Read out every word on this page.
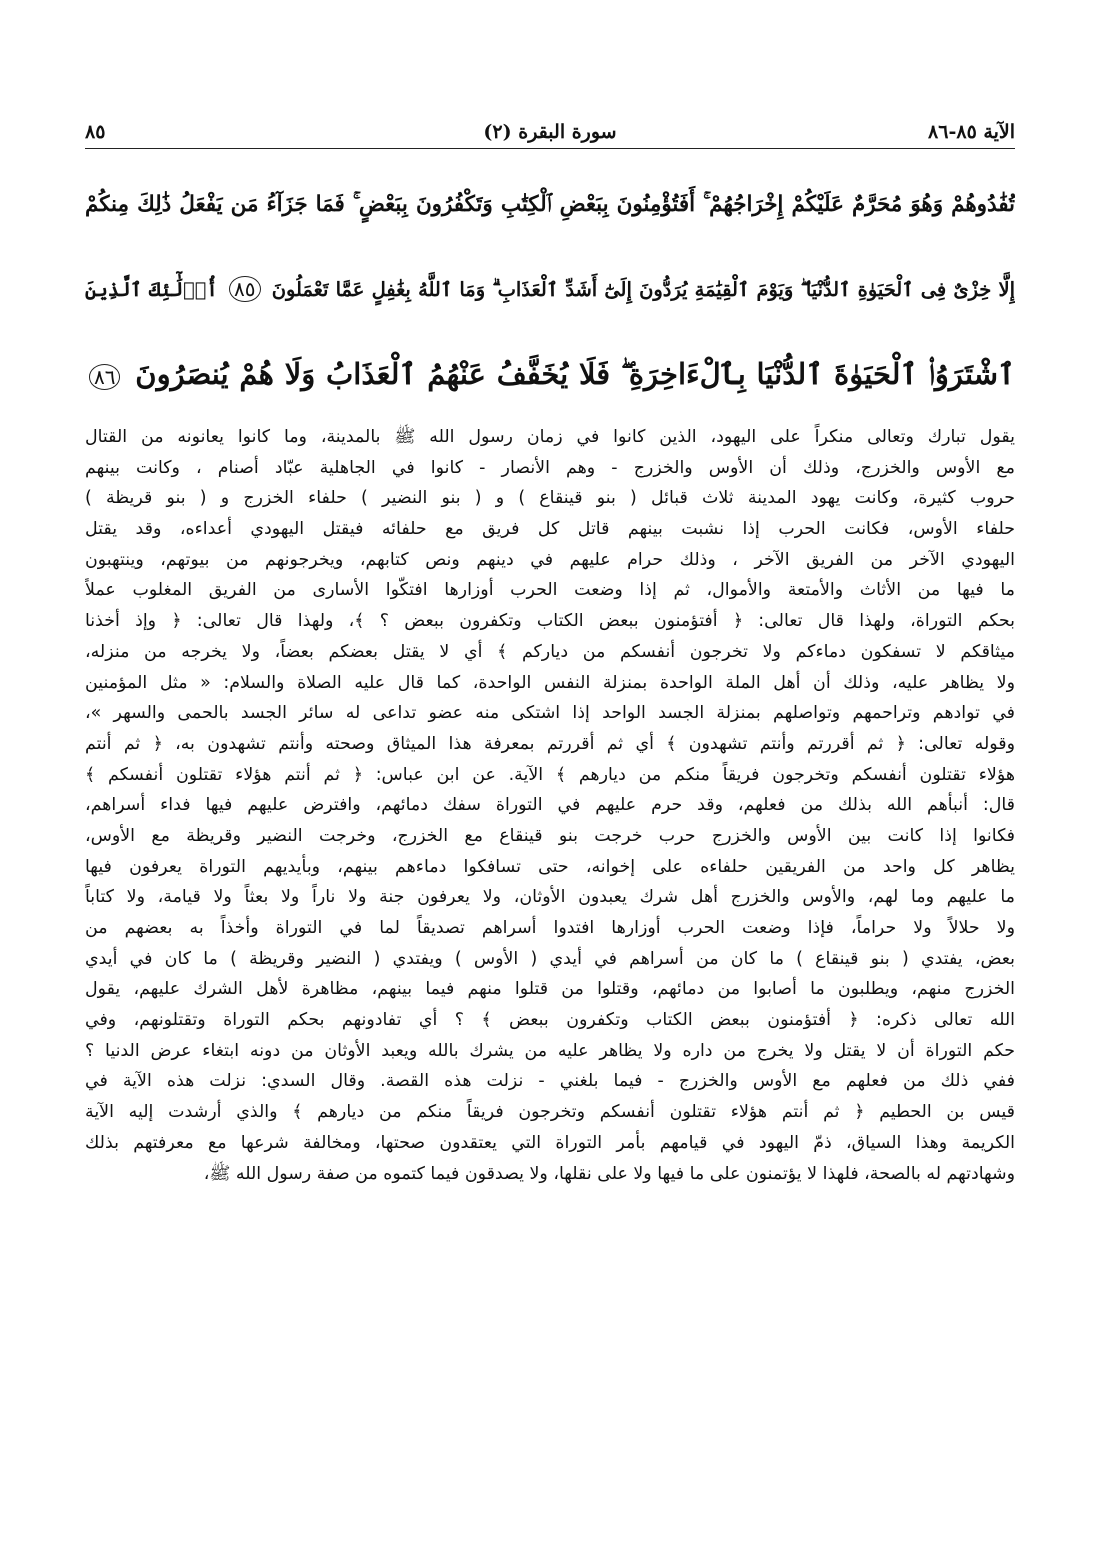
الآية ٨٥-٨٦
(٢) سورة البقرة
٨٥
تُفَٰدُوهُمْ وَهُوَ مُحَرَّمٌ عَلَيْكُمْ إِخْرَاجُهُمْ ۚ أَفَتُؤْمِنُونَ بِبَعْضِ ٱلْكِتَٰبِ وَتَكْفُرُونَ بِبَعْضٍ ۚ فَمَا جَزَآءُ مَن يَفْعَلُ ذَٰلِكَ مِنكُمْ
إِلَّا خِزْىٌ فِى ٱلْحَيَوٰةِ ٱلدُّنْيَا ۖ وَيَوْمَ ٱلْقِيَٰمَةِ يُرَدُّونَ إِلَىٰٓ أَشَدِّ ٱلْعَذَابِ ۗ وَمَا ٱللَّهُ بِغَٰفِلٍ عَمَّا تَعْمَلُونَ ٨٥ أُو۟لَٰٓئِكَ ٱلَّذِينَ
ٱشْتَرَوُا۟ ٱلْحَيَوٰةَ ٱلدُّنْيَا بِٱلْءَاخِرَةِ ۖ فَلَا يُخَفَّفُ عَنْهُمُ ٱلْعَذَابُ وَلَا هُمْ يُنصَرُونَ ٨٦
يقول تبارك وتعالى منكراً على اليهود، الذين كانوا في زمان رسول الله ﷺ بالمدينة، وما كانوا يعانونه من القتال
مع الأوس والخزرج، وذلك أن الأوس والخزرج - وهم الأنصار - كانوا في الجاهلية عبّاد أصنام ، وكانت بينهم
حروب كثيرة، وكانت يهود المدينة ثلاث قبائل ( بنو قينقاع ) و ( بنو النضير ) حلفاء الخزرج و ( بنو قريظة )
حلفاء الأوس، فكانت الحرب إذا نشبت بينهم قاتل كل فريق مع حلفائه فيقتل اليهودي أعداءه، وقد يقتل
اليهودي الآخر من الفريق الآخر ، وذلك حرام عليهم في دينهم ونص كتابهم، ويخرجونهم من بيوتهم، وينتهبون
ما فيها من الأثاث والأمتعة والأموال، ثم إذا وضعت الحرب أوزارها افتكّوا الأسارى من الفريق المغلوب عملاً
بحكم التوراة، ولهذا قال تعالى: ﴿ أفتؤمنون ببعض الكتاب وتكفرون ببعض ؟ ﴾، ولهذا قال تعالى: ﴿ وإذ أخذنا
ميثاقكم لا تسفكون دماءكم ولا تخرجون أنفسكم من دياركم ﴾ أي لا يقتل بعضكم بعضاً، ولا يخرجه من منزله،
ولا يظاهر عليه، وذلك أن أهل الملة الواحدة بمنزلة النفس الواحدة، كما قال عليه الصلاة والسلام: « مثل المؤمنين
في توادهم وتراحمهم وتواصلهم بمنزلة الجسد الواحد إذا اشتكى منه عضو تداعى له سائر الجسد بالحمى والسهر »،
وقوله تعالى: ﴿ ثم أقررتم وأنتم تشهدون ﴾ أي ثم أقررتم بمعرفة هذا الميثاق وصحته وأنتم تشهدون به، ﴿ ثم أنتم
هؤلاء تقتلون أنفسكم وتخرجون فريقاً منكم من ديارهم ﴾ الآية. عن ابن عباس: ﴿ ثم أنتم هؤلاء تقتلون أنفسكم ﴾
قال: أنبأهم الله بذلك من فعلهم، وقد حرم عليهم في التوراة سفك دمائهم، وافترض عليهم فيها فداء أسراهم،
فكانوا إذا كانت بين الأوس والخزرج حرب خرجت بنو قينقاع مع الخزرج، وخرجت النضير وقريظة مع الأوس،
يظاهر كل واحد من الفريقين حلفاءه على إخوانه، حتى تسافكوا دماءهم بينهم، وبأيديهم التوراة يعرفون فيها
ما عليهم وما لهم، والأوس والخزرج أهل شرك يعبدون الأوثان، ولا يعرفون جنة ولا ناراً ولا بعثاً ولا قيامة، ولا كتاباً
ولا حلالاً ولا حراماً، فإذا وضعت الحرب أوزارها افتدوا أسراهم تصديقاً لما في التوراة وأخذاً به بعضهم من
بعض، يفتدي ( بنو قينقاع ) ما كان من أسراهم في أيدي ( الأوس ) ويفتدي ( النضير وقريظة ) ما كان في أيدي
الخزرج منهم، ويطلبون ما أصابوا من دمائهم، وقتلوا من قتلوا منهم فيما بينهم، مظاهرة لأهل الشرك عليهم، يقول
الله تعالى ذكره: ﴿ أفتؤمنون ببعض الكتاب وتكفرون ببعض ﴾ ؟ أي تفادونهم بحكم التوراة وتقتلونهم، وفي
حكم التوراة أن لا يقتل ولا يخرج من داره ولا يظاهر عليه من يشرك بالله ويعبد الأوثان من دونه ابتغاء عرض الدنيا ؟
ففي ذلك من فعلهم مع الأوس والخزرج - فيما بلغني - نزلت هذه القصة. وقال السدي: نزلت هذه الآية في
قيس بن الحطيم ﴿ ثم أنتم هؤلاء تقتلون أنفسكم وتخرجون فريقاً منكم من ديارهم ﴾ والذي أرشدت إليه الآية
الكريمة وهذا السياق، ذمّ اليهود في قيامهم بأمر التوراة التي يعتقدون صحتها، ومخالفة شرعها مع معرفتهم بذلك
وشهادتهم له بالصحة، فلهذا لا يؤتمنون على ما فيها ولا على نقلها، ولا يصدقون فيما كتموه من صفة رسول الله ﷺ،
